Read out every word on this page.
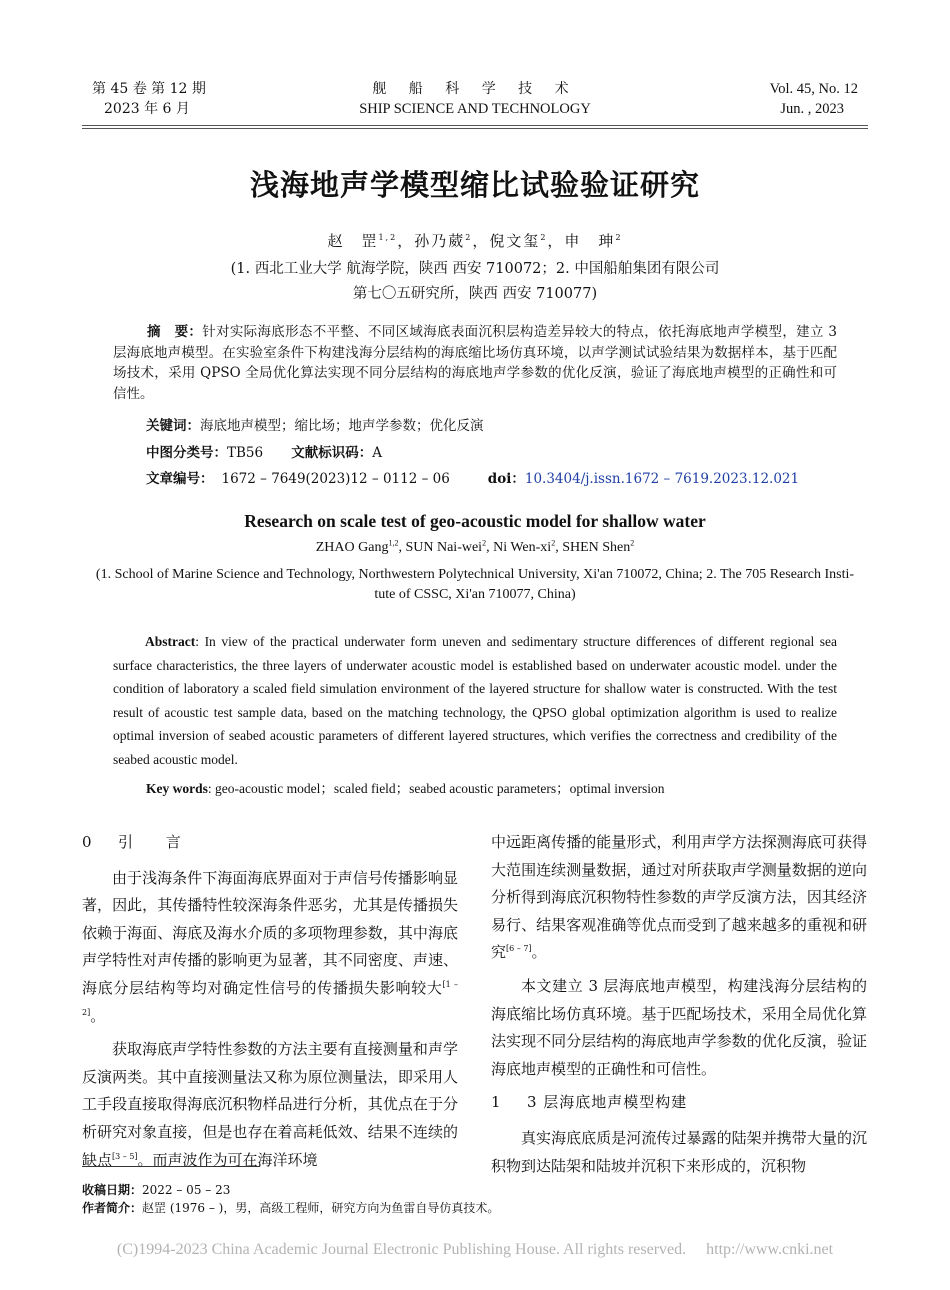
第 45 卷 第 12 期
2023 年 6 月
舰 船 科 学 技 术
SHIP SCIENCE AND TECHNOLOGY
Vol. 45, No. 12
Jun. , 2023
浅海地声学模型缩比试验验证研究
赵　罡$^{1,2}$，孙乃葳$^2$，倪文玺$^2$，申　珅$^2$
(1. 西北工业大学 航海学院，陕西 西安 710072；2. 中国船舶集团有限公司
第七〇五研究所，陕西 西安 710077)
摘　要：针对实际海底形态不平整、不同区域海底表面沉积层构造差异较大的特点，依托海底地声学模型，建立 3 层海底地声模型。在实验室条件下构建浅海分层结构的海底缩比场仿真环境，以声学测试试验结果为数据样本，基于匹配场技术，采用 QPSO 全局优化算法实现不同分层结构的海底地声学参数的优化反演，验证了海底地声模型的正确性和可信性。
关键词：海底地声模型；缩比场；地声学参数；优化反演
中图分类号：TB56 文献标识码：A
文章编号： 1672 – 7649(2023)12 – 0112 – 06	doi：10.3404/j.issn.1672 – 7619.2023.12.021
Research on scale test of geo-acoustic model for shallow water
ZHAO Gang$^{1,2}$, SUN Nai-wei$^2$, Ni Wen-$xi^2$, SHEN Shen$^2$
(1. School of Marine Science and Technology, Northwestern Polytechnical University, Xi'an 710072, China; 2. The 705 Research Insti-
tute of CSSC, Xi'an 710077, China)
Abstract: In view of the practical underwater form uneven and sedimentary structure differences of different regional sea surface characteristics, the three layers of underwater acoustic model is established based on underwater acoustic model. under the condition of laboratory a scaled field simulation environment of the layered structure for shallow water is constructed. With the test result of acoustic test sample data, based on the matching technology, the QPSO global optimization algorithm is used to realize optimal inversion of seabed acoustic parameters of different layered structures, which verifies the correctness and credibility of the seabed acoustic model.
Key words: geo-acoustic model；scaled field；seabed acoustic parameters；optimal inversion
0 引 言
由于浅海条件下海面海底界面对于声信号传播影响显著，因此，其传播特性较深海条件恶劣，尤其是传播损失依赖于海面、海底及海水介质的多项物理参数，其中海底声学特性对声传播的影响更为显著，其不同密度、声速、海底分层结构等均对确定性信号的传播损失影响较大[1 – 2]。
获取海底声学特性参数的方法主要有直接测量和声学反演两类。其中直接测量法又称为原位测量法，即采用人工手段直接取得海底沉积物样品进行分析，其优点在于分析研究对象直接，但是也存在着高耗低效、结果不连续的缺点[3 – 5]。而声波作为可在海洋环境
中远距离传播的能量形式，利用声学方法探测海底可获得大范围连续测量数据，通过对所获取声学测量数据的逆向分析得到海底沉积物特性参数的声学反演方法，因其经济易行、结果客观准确等优点而受到了越来越多的重视和研究[6 – 7]。
本文建立 3 层海底地声模型，构建浅海分层结构的海底缩比场仿真环境。基于匹配场技术，采用全局优化算法实现不同分层结构的海底地声学参数的优化反演，验证海底地声模型的正确性和可信性。
1 3 层海底地声模型构建
真实海底底质是河流传过暴露的陆架并携带大量的沉积物到达陆架和陆坡并沉积下来形成的，沉积物
收稿日期：2022 – 05 – 23
作者简介：赵罡 (1976 – )，男，高级工程师，研究方向为鱼雷自导仿真技术。
(C)1994-2023 China Academic Journal Electronic Publishing House. All rights reserved.     http://www.cnki.net
